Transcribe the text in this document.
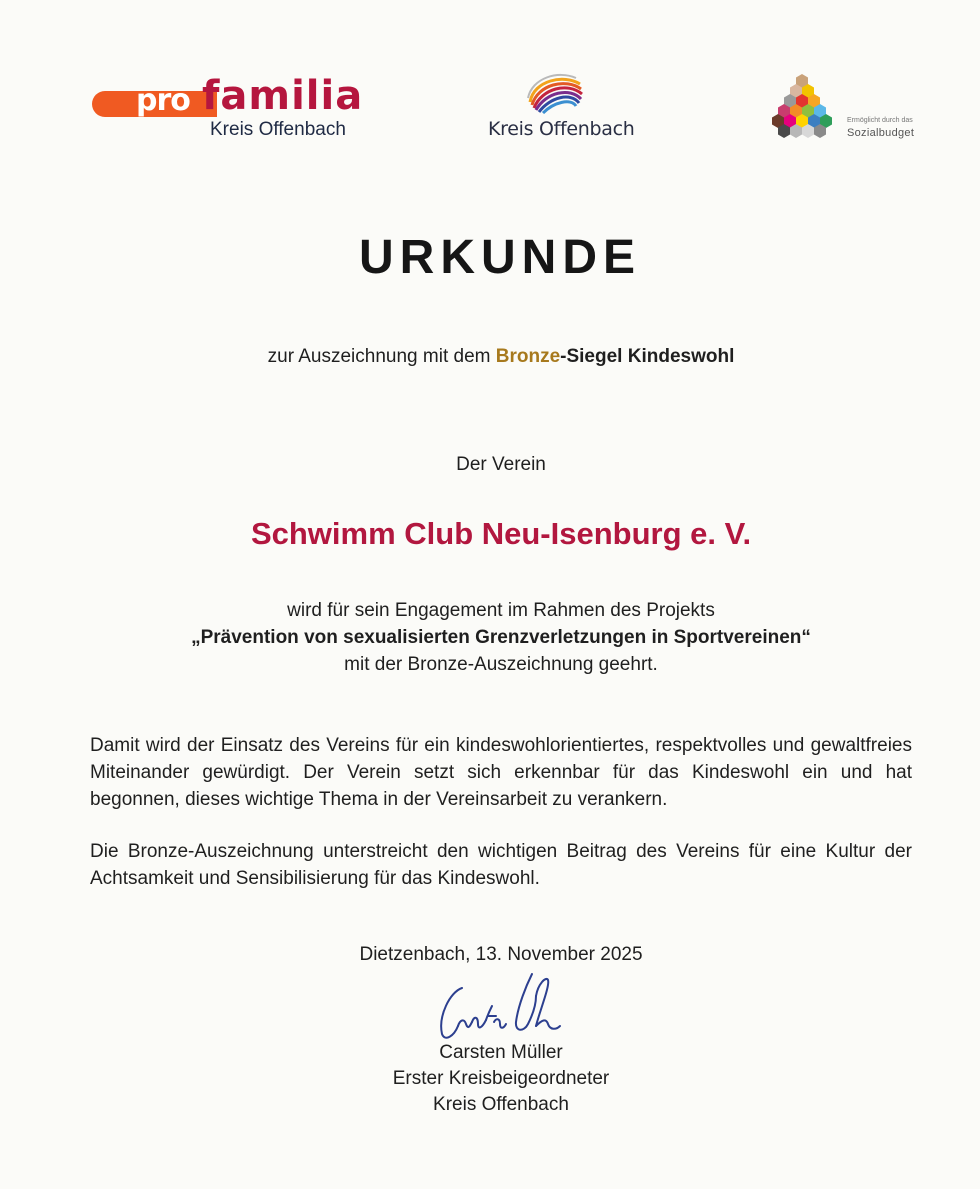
pro familia
Kreis Offenbach	Kreis Offenbach	Ermöglicht durch das
Sozialbudget
URKUNDE
zur Auszeichnung mit dem Bronze-Siegel Kindeswohl
Der Verein
Schwimm Club Neu-Isenburg e. V.
wird für sein Engagement im Rahmen des Projekts
„Prävention von sexualisierten Grenzverletzungen in Sportvereinen“
mit der Bronze-Auszeichnung geehrt.
Damit wird der Einsatz des Vereins für ein kindeswohlorientiertes, respektvolles und gewaltfreies Miteinander gewürdigt. Der Verein setzt sich erkennbar für das Kindeswohl ein und hat begonnen, dieses wichtige Thema in der Vereinsarbeit zu verankern.
Die Bronze-Auszeichnung unterstreicht den wichtigen Beitrag des Vereins für eine Kultur der Achtsamkeit und Sensibilisierung für das Kindeswohl.
Dietzenbach, 13. November 2025
Carsten Müller
Erster Kreisbeigeordneter
Kreis Offenbach
